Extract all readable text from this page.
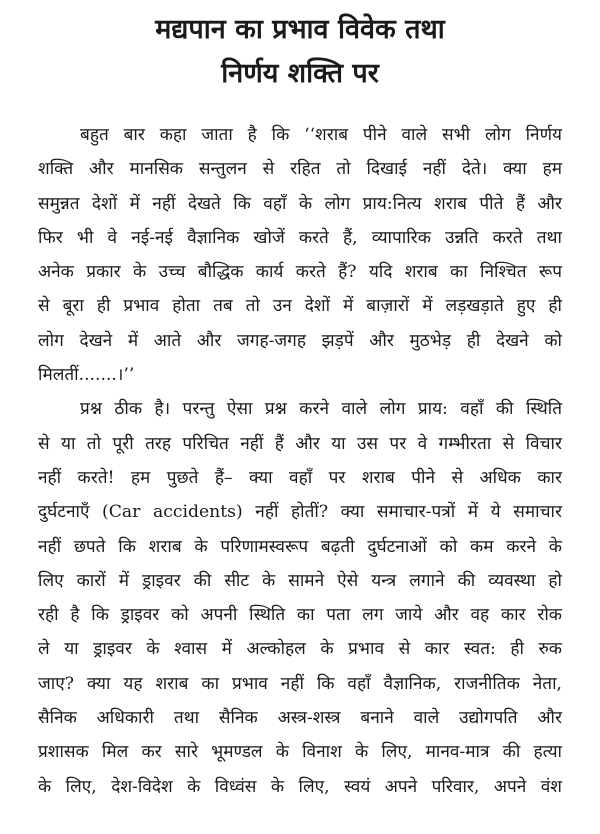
मद्यपान का प्रभाव विवेक तथा
निर्णय शक्ति पर

बहुत बार कहा जाता है कि ‘‘शराब पीने वाले सभी लोग निर्णय
शक्ति और मानसिक सन्तुलन से रहित तो दिखाई नहीं देते। क्या हम
समुन्नत देशों में नहीं देखते कि वहाँ के लोग प्राय:नित्य शराब पीते हैं और
फिर भी वे नई-नई वैज्ञानिक खोजें करते हैं, व्यापारिक उन्नति करते तथा
अनेक प्रकार के उच्च बौद्धिक कार्य करते हैं? यदि शराब का निश्चित रूप
से बूरा ही प्रभाव होता तब तो उन देशों में बाज़ारों में लड़खड़ाते हुए ही
लोग देखने में आते और जगह-जगह झड़पें और मुठभेड़ ही देखने को
मिलतीं.......।’’

प्रश्न ठीक है। परन्तु ऐसा प्रश्न करने वाले लोग प्राय: वहाँ की स्थिति
से या तो पूरी तरह परिचित नहीं हैं और या उस पर वे गम्भीरता से विचार
नहीं करते! हम पुछते हैं– क्या वहाँ पर शराब पीने से अधिक कार
दुर्घटनाएँ (Car accidents) नहीं होतीं? क्या समाचार-पत्रों में ये समाचार
नहीं छपते कि शराब के परिणामस्वरूप बढ़ती दुर्घटनाओं को कम करने के
लिए कारों में ड्राइवर की सीट के सामने ऐसे यन्त्र लगाने की व्यवस्था हो
रही है कि ड्राइवर को अपनी स्थिति का पता लग जाये और वह कार रोक
ले या ड्राइवर के श्वास में अल्कोहल के प्रभाव से कार स्वत: ही रुक
जाए? क्या यह शराब का प्रभाव नहीं कि वहाँ वैज्ञानिक, राजनीतिक नेता,
सैनिक अधिकारी तथा सैनिक अस्त्र-शस्त्र बनाने वाले उद्योगपति और
प्रशासक मिल कर सारे भूमण्डल के विनाश के लिए, मानव-मात्र की हत्या
के लिए, देश-विदेश के विध्वंस के लिए, स्वयं अपने परिवार, अपने वंश
